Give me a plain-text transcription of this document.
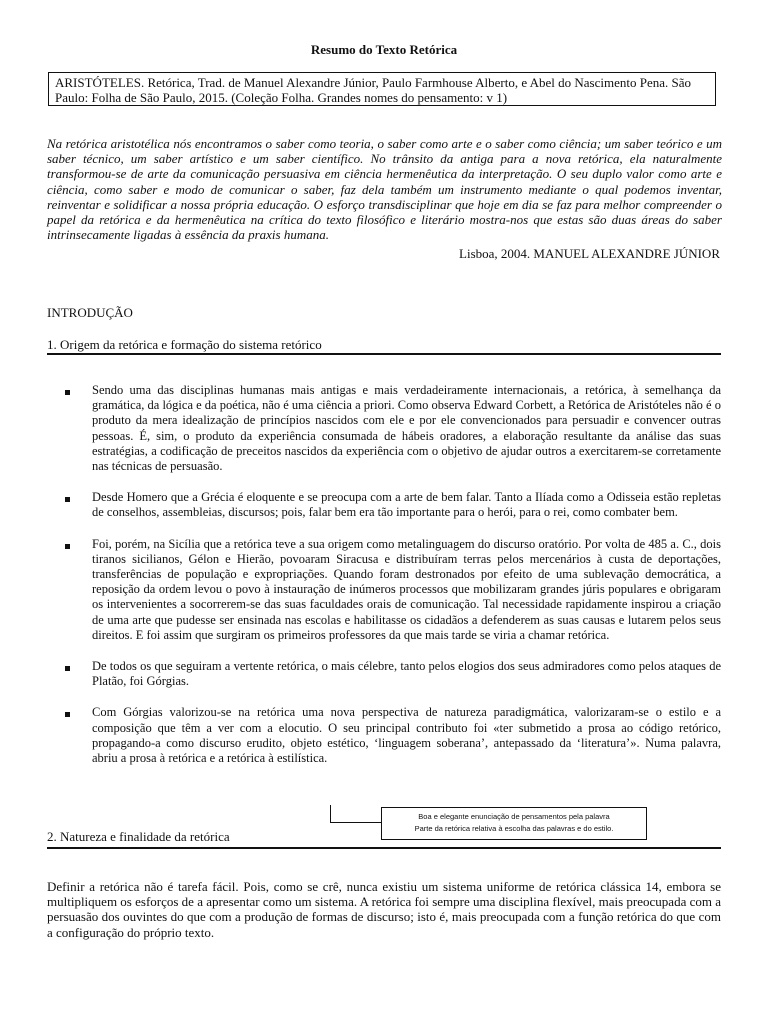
Resumo do Texto Retórica
ARISTÓTELES. Retórica, Trad. de Manuel Alexandre Júnior, Paulo Farmhouse Alberto, e Abel do Nascimento Pena. São Paulo: Folha de São Paulo, 2015. (Coleção Folha. Grandes nomes do pensamento: v 1)
Na retórica aristotélica nós encontramos o saber como teoria, o saber como arte e o saber como ciência; um saber teórico e um saber técnico, um saber artístico e um saber científico. No trânsito da antiga para a nova retórica, ela naturalmente transformou-se de arte da comunicação persuasiva em ciência hermenêutica da interpretação. O seu duplo valor como arte e ciência, como saber e modo de comunicar o saber, faz dela também um instrumento mediante o qual podemos inventar, reinventar e solidificar a nossa própria educação. O esforço transdisciplinar que hoje em dia se faz para melhor compreender o papel da retórica e da hermenêutica na crítica do texto filosófico e literário mostra-nos que estas são duas áreas do saber intrinsecamente ligadas à essência da praxis humana.
Lisboa, 2004. MANUEL ALEXANDRE JÚNIOR
INTRODUÇÃO
1. Origem da retórica e formação do sistema retórico
Sendo uma das disciplinas humanas mais antigas e mais verdadeiramente internacionais, a retórica, à semelhança da gramática, da lógica e da poética, não é uma ciência a priori. Como observa Edward Corbett, a Retórica de Aristóteles não é o produto da mera idealização de princípios nascidos com ele e por ele convencionados para persuadir e convencer outras pessoas. É, sim, o produto da experiência consumada de hábeis oradores, a elaboração resultante da análise das suas estratégias, a codificação de preceitos nascidos da experiência com o objetivo de ajudar outros a exercitarem-se corretamente nas técnicas de persuasão.
Desde Homero que a Grécia é eloquente e se preocupa com a arte de bem falar. Tanto a Ilíada como a Odisseia estão repletas de conselhos, assembleias, discursos; pois, falar bem era tão importante para o herói, para o rei, como combater bem.
Foi, porém, na Sicília que a retórica teve a sua origem como metalinguagem do discurso oratório. Por volta de 485 a. C., dois tiranos sicilianos, Gélon e Hierão, povoaram Siracusa e distribuíram terras pelos mercenários à custa de deportações, transferências de população e expropriações. Quando foram destronados por efeito de uma sublevação democrática, a reposição da ordem levou o povo à instauração de inúmeros processos que mobilizaram grandes júris populares e obrigaram os intervenientes a socorrerem-se das suas faculdades orais de comunicação. Tal necessidade rapidamente inspirou a criação de uma arte que pudesse ser ensinada nas escolas e habilitasse os cidadãos a defenderem as suas causas e lutarem pelos seus direitos. E foi assim que surgiram os primeiros professores da que mais tarde se viria a chamar retórica.
De todos os que seguiram a vertente retórica, o mais célebre, tanto pelos elogios dos seus admiradores como pelos ataques de Platão, foi Górgias.
Com Górgias valorizou-se na retórica uma nova perspectiva de natureza paradigmática, valorizaram-se o estilo e a composição que têm a ver com a elocutio. O seu principal contributo foi «ter submetido a prosa ao código retórico, propagando-a como discurso erudito, objeto estético, ‘linguagem soberana’, antepassado da ‘literatura’». Numa palavra, abriu a prosa à retórica e a retórica à estilística.
Boa e elegante enunciação de pensamentos pela palavra
Parte da retórica relativa à escolha das palavras e do estilo.
2. Natureza e finalidade da retórica
Definir a retórica não é tarefa fácil. Pois, como se crê, nunca existiu um sistema uniforme de retórica clássica 14, embora se multipliquem os esforços de a apresentar como um sistema. A retórica foi sempre uma disciplina flexível, mais preocupada com a persuasão dos ouvintes do que com a produção de formas de discurso; isto é, mais preocupada com a função retórica do que com a configuração do próprio texto.
